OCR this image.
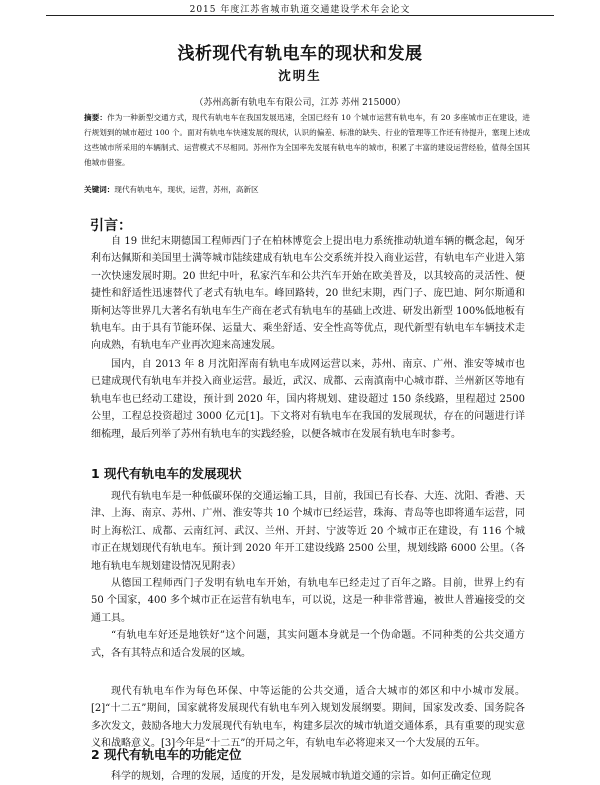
2015 年度江苏省城市轨道交通建设学术年会论文
浅析现代有轨电车的现状和发展
沈明生
（苏州高新有轨电车有限公司，江苏 苏州 215000）
摘要：作为一种新型交通方式，现代有轨电车在我国发展迅速，全国已经有 10 个城市运营有轨电车，有 20 多座城市正在建设，进行规划到的城市超过 100 个。面对有轨电车快速发展的现状，认识的偏差、标准的缺失、行业的管理等工作还有待提升，塞现上述成这些城市所采用的车辆制式、运营模式不尽相同。苏州作为全国率先发展有轨电车的城市，积累了丰富的建设运营经验，值得全国其他城市借鉴。
关键词：现代有轨电车，现状，运营，苏州，高新区
引言：

自 19 世纪末期德国工程师西门子在柏林博览会上提出电力系统推动轨道车辆的概念起，匈牙利布达佩斯和美国里士满等城市陆续建成有轨电车公交系统并投入商业运营，有轨电车产业进入第一次快速发展时期。20 世纪中叶，私家汽车和公共汽车开始在欧美普及，以其较高的灵活性、便捷性和舒适性迅速替代了老式有轨电车。峰回路转，20 世纪末期，西门子、庞巴迪、阿尔斯通和斯柯达等世界几大著名有轨电车生产商在老式有轨电车的基础上改进、研发出新型 100%低地板有轨电车。由于具有节能环保、运量大、乘坐舒适、安全性高等优点，现代新型有轨电车车辆技术走向成熟，有轨电车产业再次迎来高速发展。

国内，自 2013 年 8 月沈阳浑南有轨电车成网运营以来，苏州、南京、广州、淮安等城市也已建成现代有轨电车并投入商业运营。最近，武汉、成都、云南滇南中心城市群、兰州新区等地有轨电车也已经动工建设，预计到 2020 年，国内将规划、建设超过 150 条线路，里程超过 2500 公里，工程总投资超过 3000 亿元[1]。下文将对有轨电车在我国的发展现状，存在的问题进行详细梳理，最后列举了苏州有轨电车的实践经验，以便各城市在发展有轨电车时参考。

1 现代有轨电车的发展现状

现代有轨电车是一种低碳环保的交通运输工具，目前，我国已有长春、大连、沈阳、香港、天津、上海、南京、苏州、广州、淮安等共 10 个城市已经运营，珠海、青岛等也即将通车运营，同时上海松江、成都、云南红河、武汉、兰州、开封、宁波等近 20 个城市正在建设，有 116 个城市正在规划现代有轨电车。预计到 2020 年开工建设线路 2500 公里，规划线路 6000 公里。（各地有轨电车规划建设情况见附表）

从德国工程师西门子发明有轨电车开始，有轨电车已经走过了百年之路。目前，世界上约有 50 个国家，400 多个城市正在运营有轨电车，可以说，这是一种非常普遍，被世人普遍接受的交通工具。

“有轨电车好还是地铁好”这个问题，其实问题本身就是一个伪命题。不同种类的公共交通方式，各有其特点和适合发展的区域。

现代有轨电车作为每色环保、中等运能的公共交通，适合大城市的郊区和中小城市发展。[2]“十二五”期间，国家就将发展现代有轨电车列入规划发展纲要。期间，国家发改委、国务院各多次发文，鼓励各地大力发展现代有轨电车，构建多层次的城市轨道交通体系，具有重要的现实意义和战略意义。[3]今年是“十二五”的开局之年，有轨电车必将迎来又一个大发展的五年。

2 现代有轨电车的功能定位

科学的规划，合理的发展，适度的开发，是发展城市轨道交通的宗旨。如何正确定位现
